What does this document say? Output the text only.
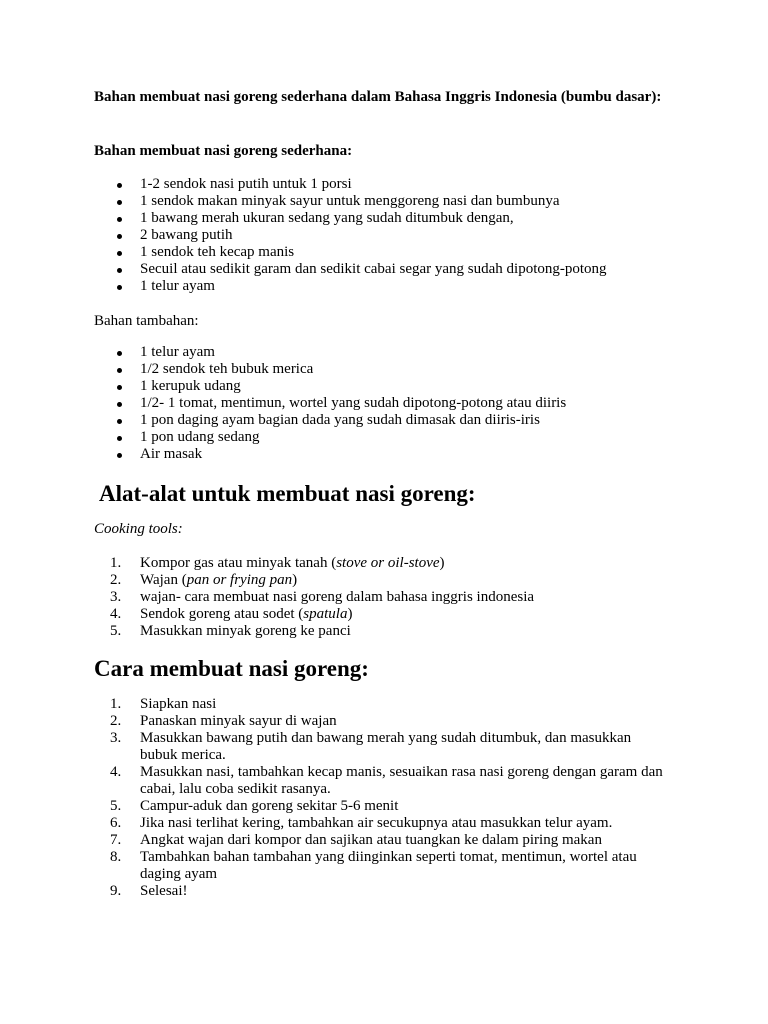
Bahan membuat nasi goreng sederhana dalam Bahasa Inggris Indonesia (bumbu dasar):

Bahan membuat nasi goreng sederhana:

1-2 sendok nasi putih untuk 1 porsi
1 sendok makan minyak sayur untuk menggoreng nasi dan bumbunya
1 bawang merah ukuran sedang yang sudah ditumbuk dengan,
2 bawang putih
1 sendok teh kecap manis
Secuil atau sedikit garam dan sedikit cabai segar yang sudah dipotong-potong
1 telur ayam

Bahan tambahan:

1 telur ayam
1/2 sendok teh bubuk merica
1 kerupuk udang
1/2- 1 tomat, mentimun, wortel yang sudah dipotong-potong atau diiris
1 pon daging ayam bagian dada yang sudah dimasak dan diiris-iris
1 pon udang sedang
Air masak
Alat-alat untuk membuat nasi goreng:

Cooking tools:

1.	Kompor gas atau minyak tanah (stove or oil-stove)
2.	Wajan (pan or frying pan)
3.	wajan- cara membuat nasi goreng dalam bahasa inggris indonesia
4.	Sendok goreng atau sodet (spatula)
5.	Masukkan minyak goreng ke panci
Cara membuat nasi goreng:
1.	Siapkan nasi
2.	Panaskan minyak sayur di wajan
3.	Masukkan bawang putih dan bawang merah yang sudah ditumbuk, dan masukkan bubuk merica.
4.	Masukkan nasi, tambahkan kecap manis, sesuaikan rasa nasi goreng dengan garam dan cabai, lalu coba sedikit rasanya.
5.	Campur-aduk dan goreng sekitar 5-6 menit
6.	Jika nasi terlihat kering, tambahkan air secukupnya atau masukkan telur ayam.
7.	Angkat wajan dari kompor dan sajikan atau tuangkan ke dalam piring makan
8.	Tambahkan bahan tambahan yang diinginkan seperti tomat, mentimun, wortel atau daging ayam
9.	Selesai!
